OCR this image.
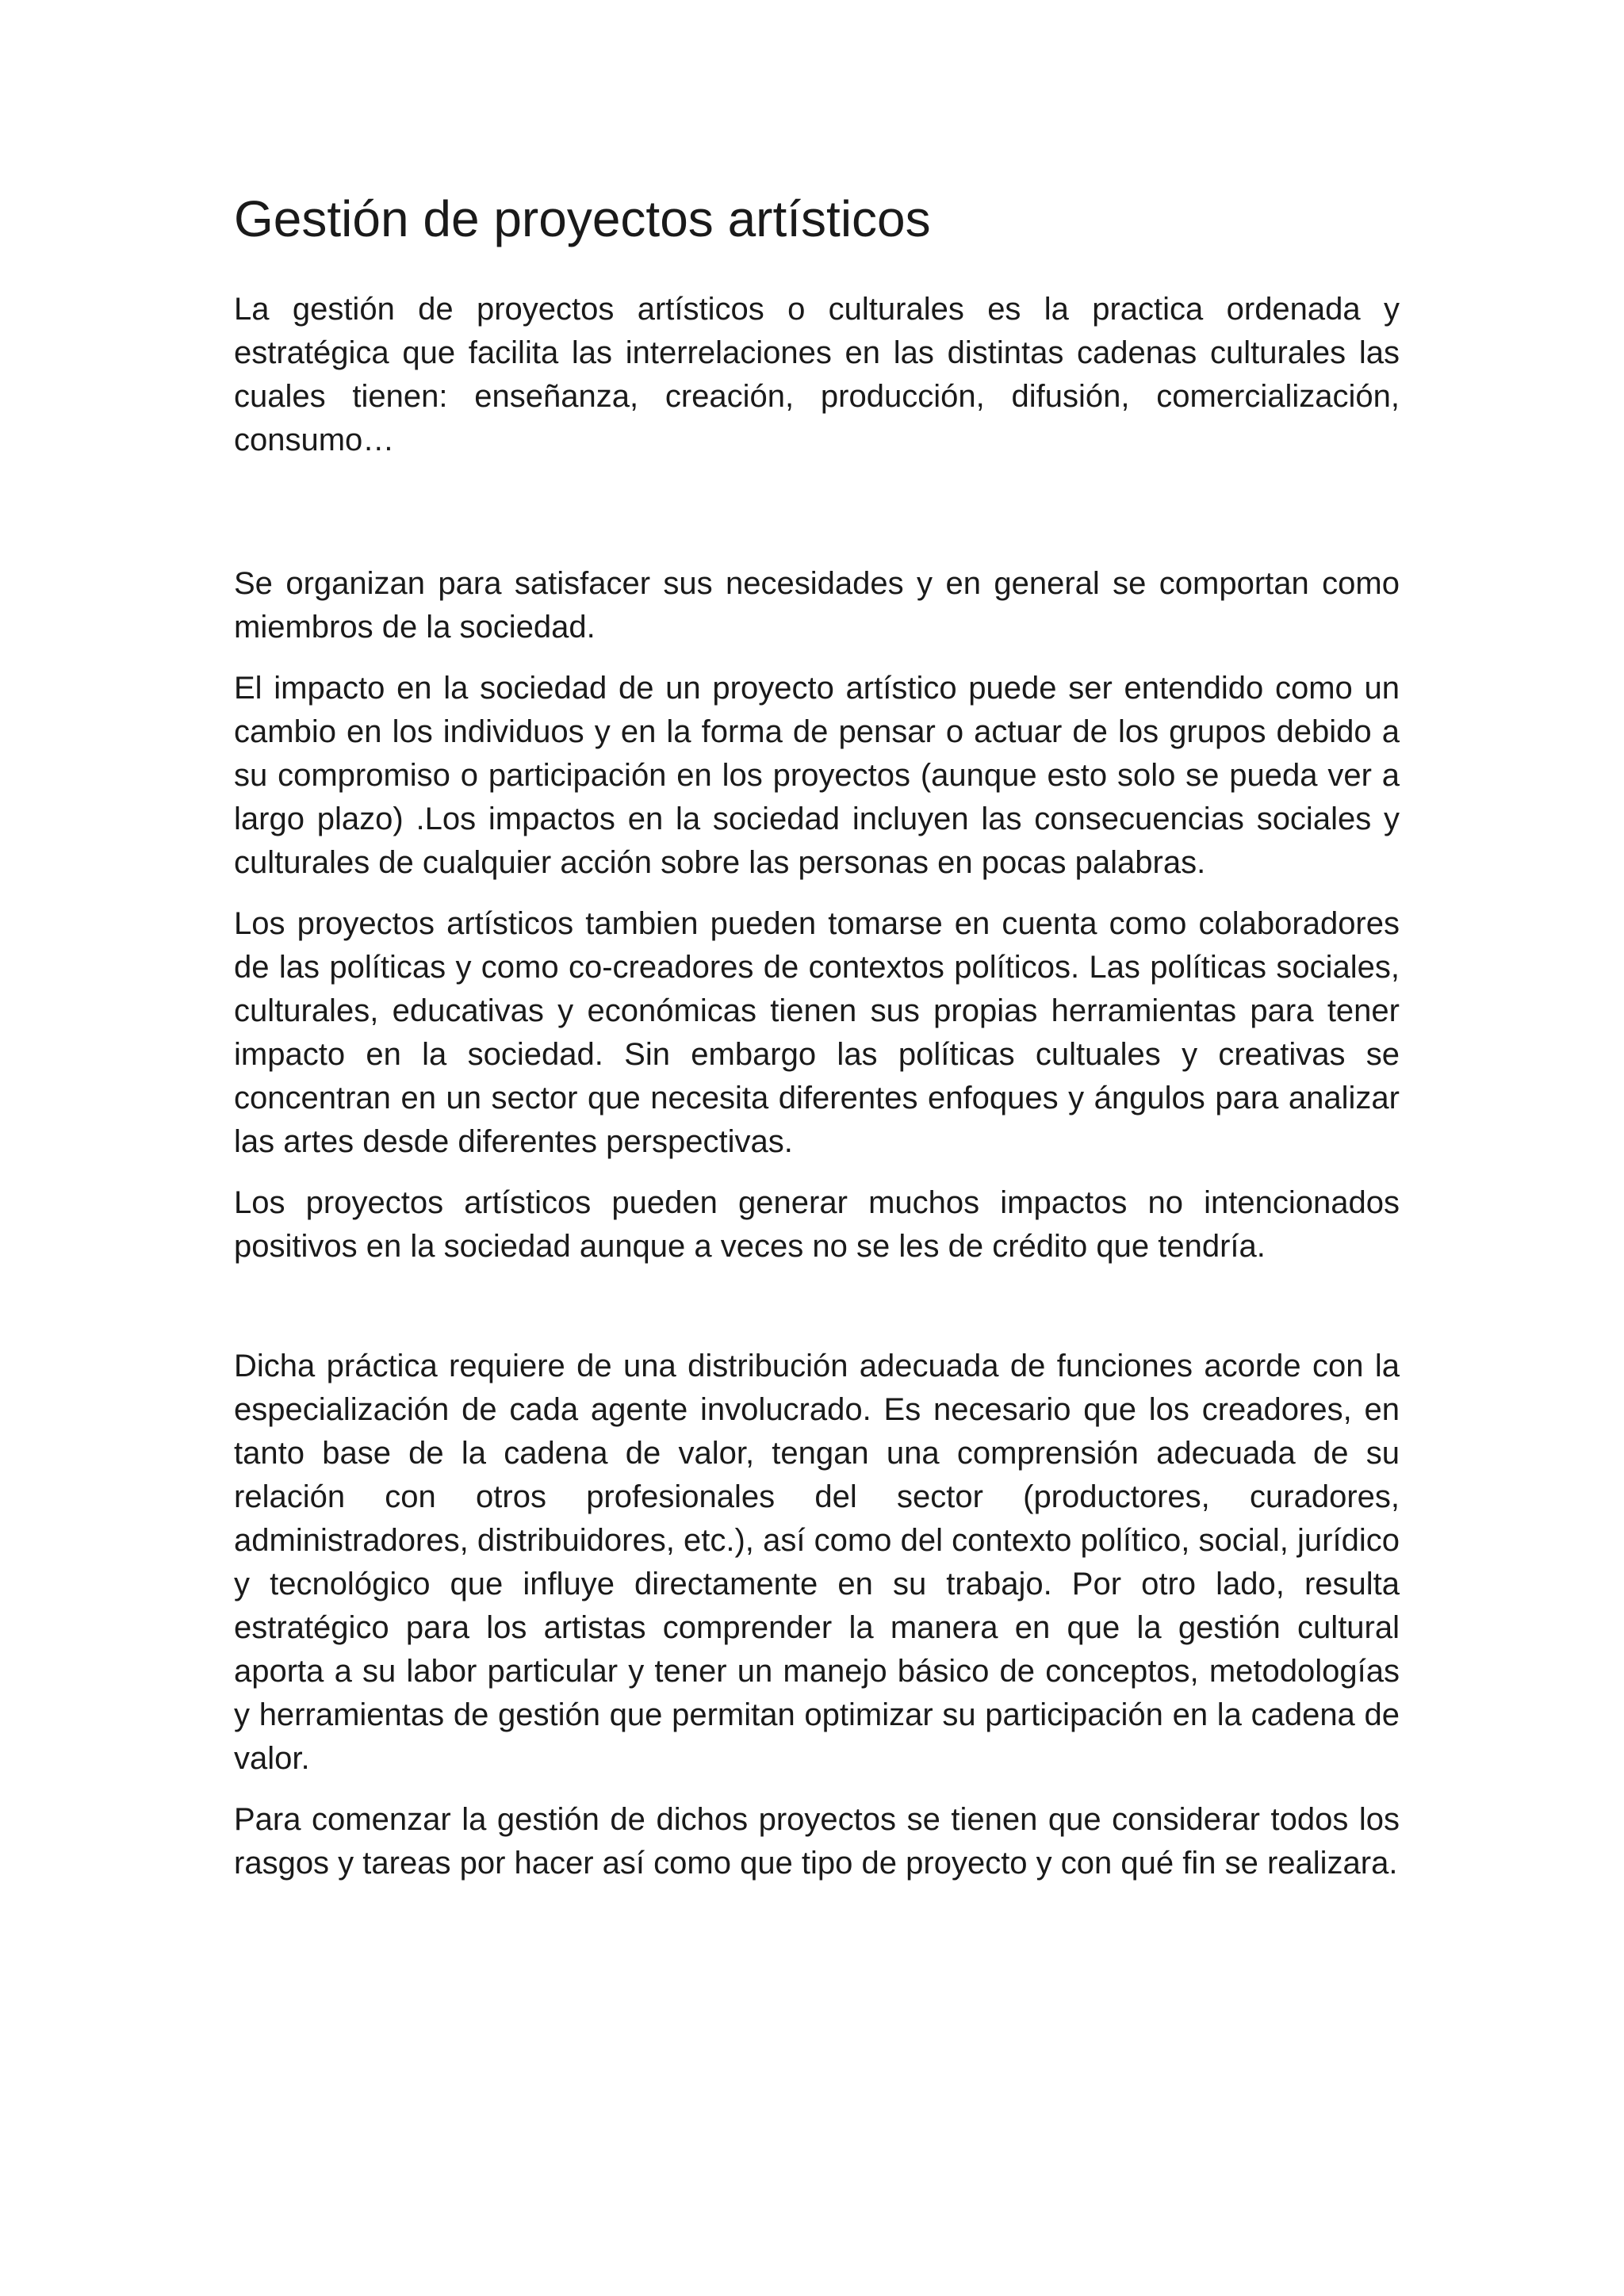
Gestión de proyectos artísticos

La gestión de proyectos artísticos o culturales es la practica ordenada y estratégica que facilita las interrelaciones en las distintas cadenas culturales las cuales tienen: enseñanza, creación, producción, difusión, comercialización, consumo…

Se organizan para satisfacer sus necesidades y en general se comportan como miembros de la sociedad.

El impacto en la sociedad de un proyecto artístico puede ser entendido como un cambio en los individuos y en la forma de pensar o actuar de los grupos debido a su compromiso o participación en los proyectos (aunque esto solo se pueda ver a largo plazo) .Los impactos en la sociedad incluyen las consecuencias sociales y culturales de cualquier acción sobre las personas en pocas palabras.

Los proyectos artísticos tambien pueden tomarse en cuenta como colaboradores de las políticas y como co-creadores de contextos políticos. Las políticas sociales, culturales, educativas y económicas tienen sus propias herramientas para tener impacto en la sociedad. Sin embargo las políticas cultuales y creativas se concentran en un sector que necesita diferentes enfoques y ángulos para analizar las artes desde diferentes perspectivas.

Los proyectos artísticos pueden generar muchos impactos no intencionados positivos en la sociedad aunque a veces no se les de crédito que tendría.

Dicha práctica requiere de una distribución adecuada de funciones acorde con la especialización de cada agente involucrado. Es necesario que los creadores, en tanto base de la cadena de valor, tengan una comprensión adecuada de su relación con otros profesionales del sector (productores, curadores, administradores, distribuidores, etc.), así como del contexto político, social, jurídico y tecnológico que influye directamente en su trabajo. Por otro lado, resulta estratégico para los artistas comprender la manera en que la gestión cultural aporta a su labor particular y tener un manejo básico de conceptos, metodologías y herramientas de gestión que permitan optimizar su participación en la cadena de valor.

Para comenzar la gestión de dichos proyectos se tienen que considerar todos los rasgos y tareas por hacer así como que tipo de proyecto y con qué fin se realizara.
